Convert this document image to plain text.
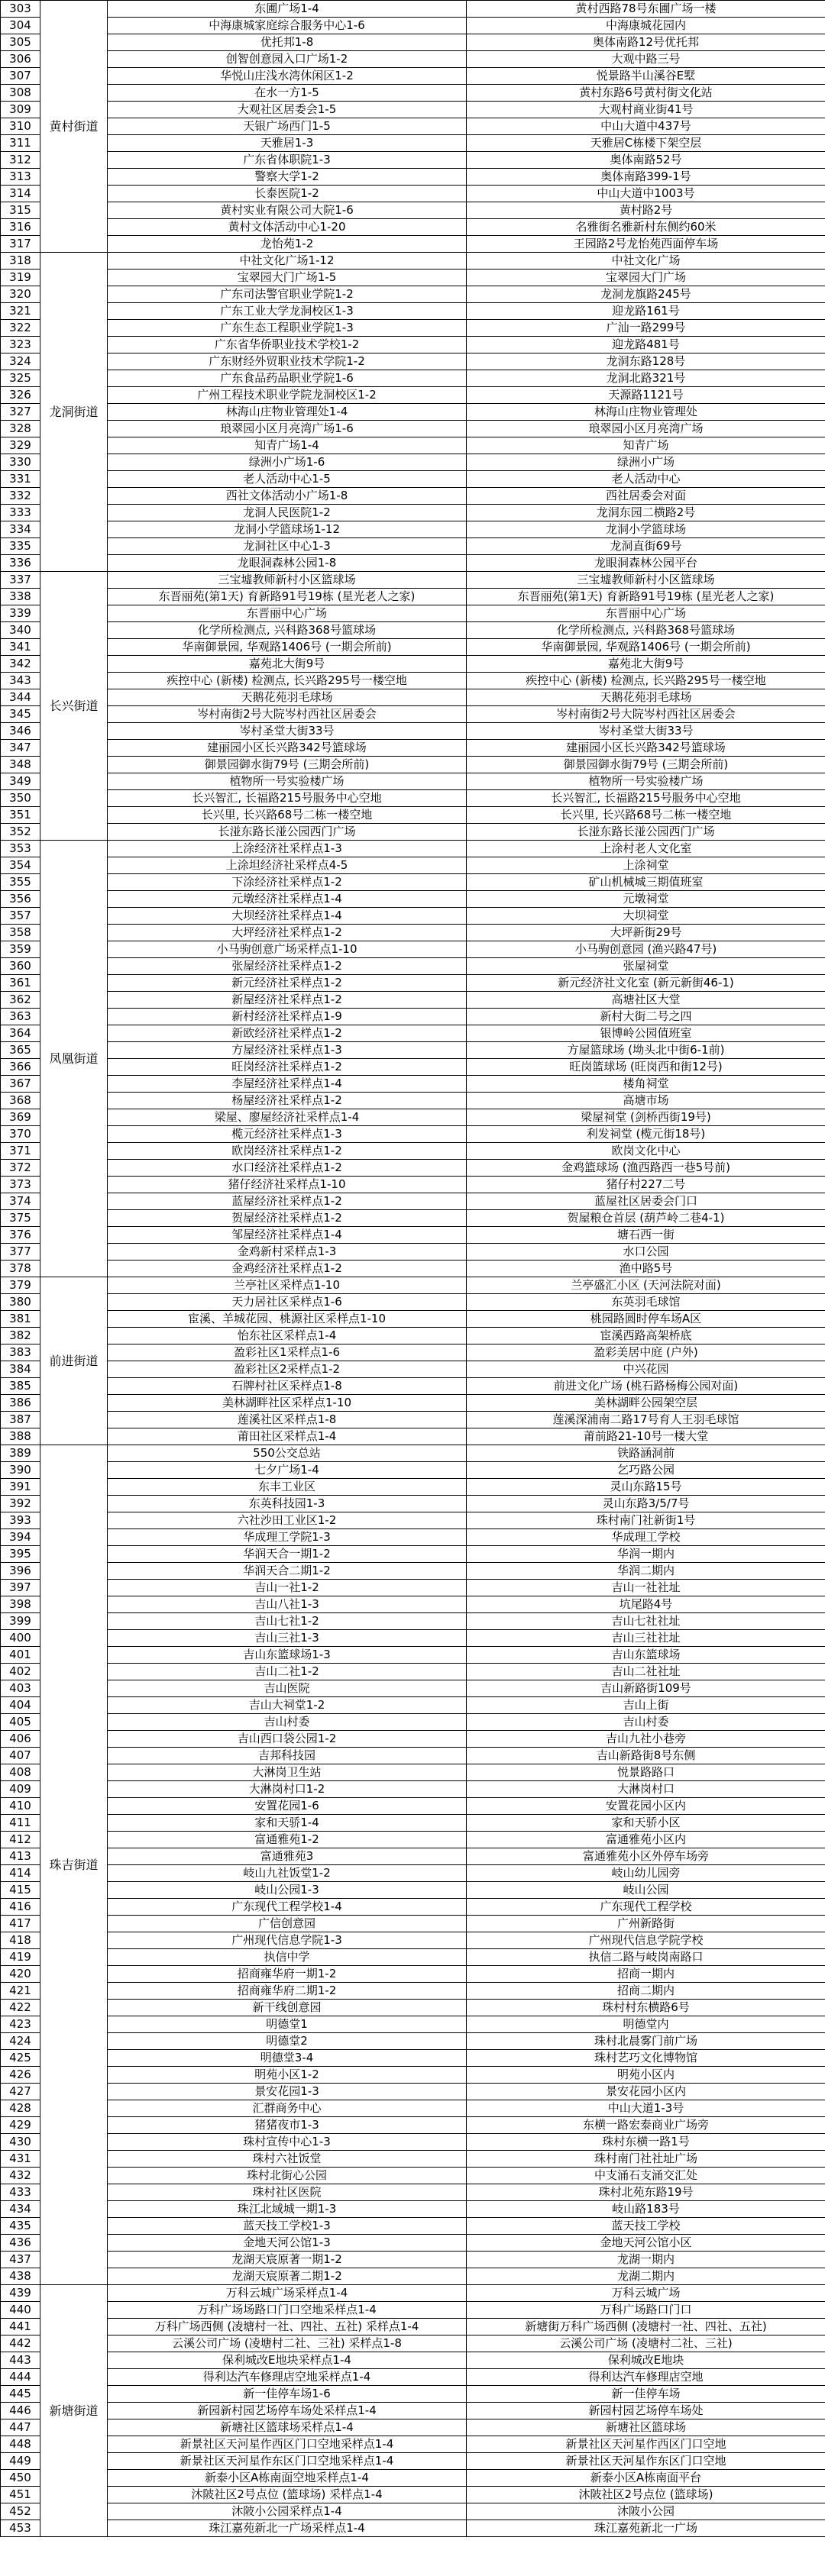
303	黄村街道	东圃广场1-4	黄村西路78号东圃广场一楼
304		中海康城家庭综合服务中心1-6	中海康城花园内
305		优托邦1-8	奥体南路12号优托邦
306		创智创意园入口广场1-2	大观中路三号
307		华悦山庄浅水湾休闲区1-2	悦景路半山溪谷E墅
308		在水一方1-5	黄村东路6号黄村街文化站
309		大观社区居委会1-5	大观村商业街41号
310		天银广场西门1-5	中山大道中437号
311		天雅居1-3	天雅居C栋楼下架空层
312		广东省体职院1-3	奥体南路52号
313		警察大学1-2	奥体南路399-1号
314		长泰医院1-2	中山大道中1003号
315		黄村实业有限公司大院1-6	黄村路2号
316		黄村文体活动中心1-20	名雅街名雅新村东侧约60米
317		龙怡苑1-2	王园路2号龙怡苑西面停车场
318	龙洞街道	中社文化广场1-12	中社文化广场
319		宝翠园大门广场1-5	宝翠园大门广场
320		广东司法警官职业学院1-2	龙洞龙旗路245号
321		广东工业大学龙洞校区1-3	迎龙路161号
322		广东生态工程职业学院1-3	广汕一路299号
323		广东省华侨职业技术学校1-2	迎龙路481号
324		广东财经外贸职业技术学院1-2	龙洞东路128号
325		广东食品药品职业学院1-6	龙洞北路321号
326		广州工程技术职业学院龙洞校区1-2	天源路1121号
327		林海山庄物业管理处1-4	林海山庄物业管理处
328		琅翠园小区月亮湾广场1-6	琅翠园小区月亮湾广场
329		知青广场1-4	知青广场
330		绿洲小广场1-6	绿洲小广场
331		老人活动中心1-5	老人活动中心
332		西社文体活动小广场1-8	西社居委会对面
333		龙洞人民医院1-2	龙洞东园二横路2号
334		龙洞小学篮球场1-12	龙洞小学篮球场
335		龙洞社区中心1-3	龙洞直街69号
336		龙眼洞森林公园1-8	龙眼洞森林公园平台
337	长兴街道	三宝墟教师新村小区篮球场	三宝墟教师新村小区篮球场
338		东晋丽苑(第1天) 育新路91号19栋 (星光老人之家)	东晋丽苑(第1天) 育新路91号19栋 (星光老人之家)
339		东晋丽中心广场	东晋丽中心广场
340		化学所检测点, 兴科路368号篮球场	化学所检测点, 兴科路368号篮球场
341		华南御景园, 华观路1406号 (一期会所前)	华南御景园, 华观路1406号 (一期会所前)
342		嘉苑北大街9号	嘉苑北大街9号
343		疾控中心 (新楼) 检测点, 长兴路295号一楼空地	疾控中心 (新楼) 检测点, 长兴路295号一楼空地
344		天鹅花苑羽毛球场	天鹅花苑羽毛球场
345		岑村南街2号大院岑村西社区居委会	岑村南街2号大院岑村西社区居委会
346		岑村圣堂大街33号	岑村圣堂大街33号
347		建丽园小区长兴路342号篮球场	建丽园小区长兴路342号篮球场
348		御景园御水街79号 (三期会所前)	御景园御水街79号 (三期会所前)
349		植物所一号实验楼广场	植物所一号实验楼广场
350		长兴智汇, 长福路215号服务中心空地	长兴智汇, 长福路215号服务中心空地
351		长兴里, 长兴路68号二栋一楼空地	长兴里, 长兴路68号二栋一楼空地
352		长湴东路长湴公园西门广场	长湴东路长湴公园西门广场
353	凤凰街道	上涂经济社采样点1-3	上涂村老人文化室
354		上涂坦经济社采样点4-5	上涂祠堂
355		下涂经济社采样点1-2	矿山机械城三期值班室
356		元墩经济社采样点1-4	元墩祠堂
357		大坝经济社采样点1-4	大坝祠堂
358		大坪经济社采样点1-2	大坪新街29号
359		小马驹创意广场采样点1-10	小马驹创意园 (渔兴路47号)
360		张屋经济社采样点1-2	张屋祠堂
361		新元经济社采样点1-2	新元经济社文化室 (新元新街46-1)
362		新屋经济社采样点1-2	高塘社区大堂
363		新村经济社采样点1-9	新村大街二号之四
364		新欧经济社采样点1-2	银博岭公园值班室
365		方屋经济社采样点1-3	方屋篮球场 (坳头北中街6-1前)
366		旺岗经济社采样点1-2	旺岗篮球场 (旺岗西和街12号)
367		李屋经济社采样点1-4	楼角祠堂
368		杨屋经济社采样点1-2	高塘市场
369		梁屋、廖屋经济社采样点1-4	梁屋祠堂 (剑桥西街19号)
370		榄元经济社采样点1-3	利发祠堂 (榄元街18号)
371		欧岗经济社采样点1-2	欧岗文化中心
372		水口经济社采样点1-2	金鸡篮球场 (渔西路西一巷5号前)
373		猪仔经济社采样点1-10	猪仔村227二号
374		蓝屋经济社采样点1-2	蓝屋社区居委会门口
375		贺屋经济社采样点1-2	贺屋粮仓首层 (葫芦岭二巷4-1)
376		邹屋经济社采样点1-4	塘石西一街
377		金鸡新村采样点1-3	水口公园
378		金鸡经济社采样点1-2	渔中路5号
379	前进街道	兰亭社区采样点1-10	兰亭盛汇小区 (天河法院对面)
380		天力居社区采样点1-6	东英羽毛球馆
381		宦溪、羊城花园、桃源社区采样点1-10	桃园路圆时停车场A区
382		怡东社区采样点1-4	宦溪西路高架桥底
383		盈彩社区1采样点1-6	盈彩美居中庭 (户外)
384		盈彩社区2采样点1-2	中兴花园
385		石牌村社区采样点1-8	前进文化广场 (桃石路杨梅公园对面)
386		美林湖畔社区采样点1-10	美林湖畔公园架空层
387		莲溪社区采样点1-8	莲溪深浦南二路17号育人王羽毛球馆
388		莆田社区采样点1-4	莆前路21-10号一楼大堂
389	珠吉街道	550公交总站	铁路涵洞前
390		七夕广场1-4	乞巧路公园
391		东丰工业区	灵山东路15号
392		东英科技园1-3	灵山东路3/5/7号
393		六社沙田工业区1-2	珠村南门社新街1号
394		华成理工学院1-3	华成理工学校
395		华润天合一期1-2	华润一期内
396		华润天合二期1-2	华润二期内
397		吉山一社1-2	吉山一社社址
398		吉山八社1-3	坑尾路4号
399		吉山七社1-2	吉山七社社址
400		吉山三社1-3	吉山三社社址
401		吉山东篮球场1-3	吉山东篮球场
402		吉山二社1-2	吉山二社社址
403		吉山医院	吉山新路街109号
404		吉山大祠堂1-2	吉山上街
405		吉山村委	吉山村委
406		吉山西口袋公园1-2	吉山九社小巷旁
407		吉邦科技园	吉山新路街8号东侧
408		大淋岗卫生站	悦景路路口
409		大淋岗村口1-2	大淋岗村口
410		安置花园1-6	安置花园小区内
411		家和天骄1-4	家和天骄小区
412		富通雅苑1-2	富通雅苑小区内
413		富通雅苑3	富通雅苑小区外停车场旁
414		岐山九社饭堂1-2	岐山幼儿园旁
415		岐山公园1-3	岐山公园
416		广东现代工程学校1-4	广东现代工程学校
417		广信创意园	广州新路街
418		广州现代信息学院1-3	广州现代信息学院学校
419		执信中学	执信二路与岐岗南路口
420		招商雍华府一期1-2	招商一期内
421		招商雍华府二期1-2	招商二期内
422		新干线创意园	珠村村东横路6号
423		明德堂1	明德堂内
424		明德堂2	珠村北晨雾门前广场
425		明德堂3-4	珠村艺巧文化博物馆
426		明苑小区1-2	明苑小区内
427		景安花园1-3	景安花园小区内
428		汇群商务中心	中山大道1-3号
429		猪猪夜市1-3	东横一路宏泰商业广场旁
430		珠村宣传中心1-3	珠村东横一路1号
431		珠村六社饭堂	珠村南门社社址广场
432		珠村北街心公园	中支涌石支涌交汇处
433		珠村社区医院	珠村北苑东路19号
434		珠江北域城一期1-3	岐山路183号
435		蓝天技工学校1-3	蓝天技工学校
436		金地天河公馆1-3	金地天河公馆小区
437		龙湖天宸原著一期1-2	龙湖一期内
438		龙湖天宸原著二期1-2	龙湖二期内
439	新塘街道	万科云城广场采样点1-4	万科云城广场
440		万科广场场路口门口空地采样点1-4	万科广场路口门口
441		万科广场西侧 (凌塘村一社、四社、五社) 采样点1-4	新塘街万科广场西侧 (凌塘村一社、四社、五社)
442		云溪公司广场 (凌塘村二社、三社) 采样点1-8	云溪公司广场 (凌塘村二社、三社)
443		保利城改E地块采样点1-4	保利城改E地块
444		得利达汽车修理店空地采样点1-4	得利达汽车修理店空地
445		新一佳停车场1-6	新一佳停车场
446		新园新村园艺场停车场处采样点1-4	新园村园艺场停车场处
447		新塘社区篮球场采样点1-4	新塘社区篮球场
448		新景社区天河星作西区门口空地采样点1-4	新景社区天河星作西区门口空地
449		新景社区天河星作东区门口空地采样点1-4	新景社区天河星作东区门口空地
450		新泰小区A栋南面空地采样点1-4	新泰小区A栋南面平台
451		沐陂社区2号点位 (篮球场) 采样点1-4	沐陂社区2号点位 (篮球场)
452		沐陂小公园采样点1-4	沐陂小公园
453		珠江嘉苑新北一广场采样点1-4	珠江嘉苑新北一广场
